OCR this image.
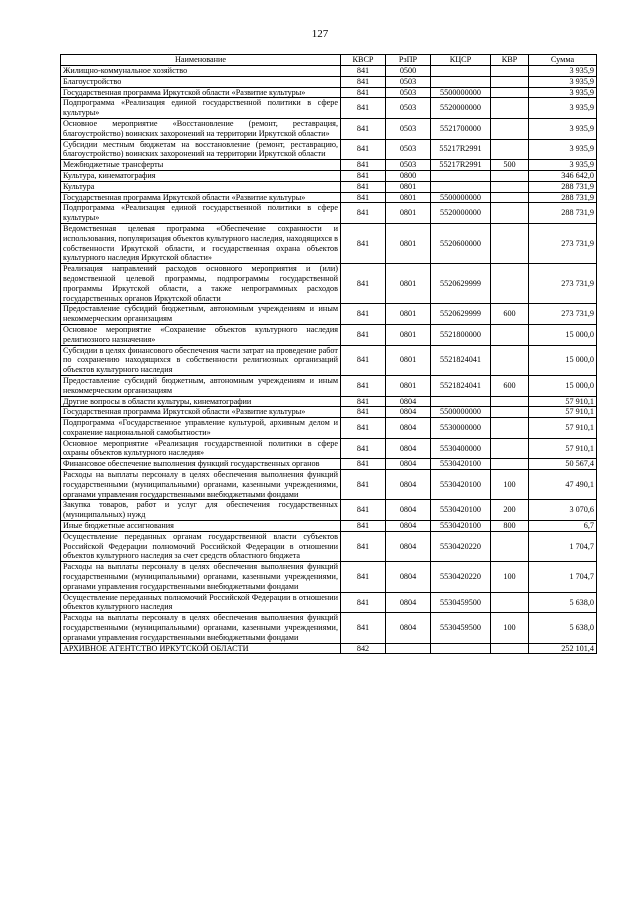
127
Наименование	КВСР	РзПР	КЦСР	КВР	Сумма
Жилищно-коммунальное хозяйство	841	0500			3 935,9
Благоустройство	841	0503			3 935,9
Государственная программа Иркутской области «Развитие культуры»	841	0503	5500000000		3 935,9
Подпрограмма «Реализация единой государственной политики в сфере культуры»	841	0503	5520000000		3 935,9
Основное мероприятие «Восстановление (ремонт, реставрация, благоустройство) воинских захоронений на территории Иркутской области»	841	0503	5521700000		3 935,9
Субсидии местным бюджетам на восстановление (ремонт, реставрацию, благоустройство) воинских захоронений на территории Иркутской области	841	0503	55217R2991		3 935,9
Межбюджетные трансферты	841	0503	55217R2991	500	3 935,9
Культура, кинематография	841	0800			346 642,0
Культура	841	0801			288 731,9
Государственная программа Иркутской области «Развитие культуры»	841	0801	5500000000		288 731,9
Подпрограмма «Реализация единой государственной политики в сфере культуры»	841	0801	5520000000		288 731,9
Ведомственная целевая программа «Обеспечение сохранности и использования, популяризация объектов культурного наследия, находящихся в собственности Иркутской области, и государственная охрана объектов культурного наследия Иркутской области»	841	0801	5520600000		273 731,9
Реализация направлений расходов основного мероприятия и (или) ведомственной целевой программы, подпрограммы государственной программы Иркутской области, а также непрограммных расходов государственных органов Иркутской области	841	0801	5520629999		273 731,9
Предоставление субсидий бюджетным, автономным учреждениям и иным некоммерческим организациям	841	0801	5520629999	600	273 731,9
Основное мероприятие «Сохранение объектов культурного наследия религиозного назначения»	841	0801	5521800000		15 000,0
Субсидии в целях финансового обеспечения части затрат на проведение работ по сохранению находящихся в собственности религиозных организаций объектов культурного наследия	841	0801	5521824041		15 000,0
Предоставление субсидий бюджетным, автономным учреждениям и иным некоммерческим организациям	841	0801	5521824041	600	15 000,0
Другие вопросы в области культуры, кинематографии	841	0804			57 910,1
Государственная программа Иркутской области «Развитие культуры»	841	0804	5500000000		57 910,1
Подпрограмма «Государственное управление культурой, архивным делом и сохранение национальной самобытности»	841	0804	5530000000		57 910,1
Основное мероприятие «Реализация государственной политики в сфере охраны объектов культурного наследия»	841	0804	5530400000		57 910,1
Финансовое обеспечение выполнения функций государственных органов	841	0804	5530420100		50 567,4
Расходы на выплаты персоналу в целях обеспечения выполнения функций государственными (муниципальными) органами, казенными учреждениями, органами управления государственными внебюджетными фондами	841	0804	5530420100	100	47 490,1
Закупка товаров, работ и услуг для обеспечения государственных (муниципальных) нужд	841	0804	5530420100	200	3 070,6
Иные бюджетные ассигнования	841	0804	5530420100	800	6,7
Осуществление переданных органам государственной власти субъектов Российской Федерации полномочий Российской Федерации в отношении объектов культурного наследия за счет средств областного бюджета	841	0804	5530420220		1 704,7
Расходы на выплаты персоналу в целях обеспечения выполнения функций государственными (муниципальными) органами, казенными учреждениями, органами управления государственными внебюджетными фондами	841	0804	5530420220	100	1 704,7
Осуществление переданных полномочий Российской Федерации в отношении объектов культурного наследия	841	0804	5530459500		5 638,0
Расходы на выплаты персоналу в целях обеспечения выполнения функций государственными (муниципальными) органами, казенными учреждениями, органами управления государственными внебюджетными фондами	841	0804	5530459500	100	5 638,0
АРХИВНОЕ АГЕНТСТВО ИРКУТСКОЙ ОБЛАСТИ	842				252 101,4
